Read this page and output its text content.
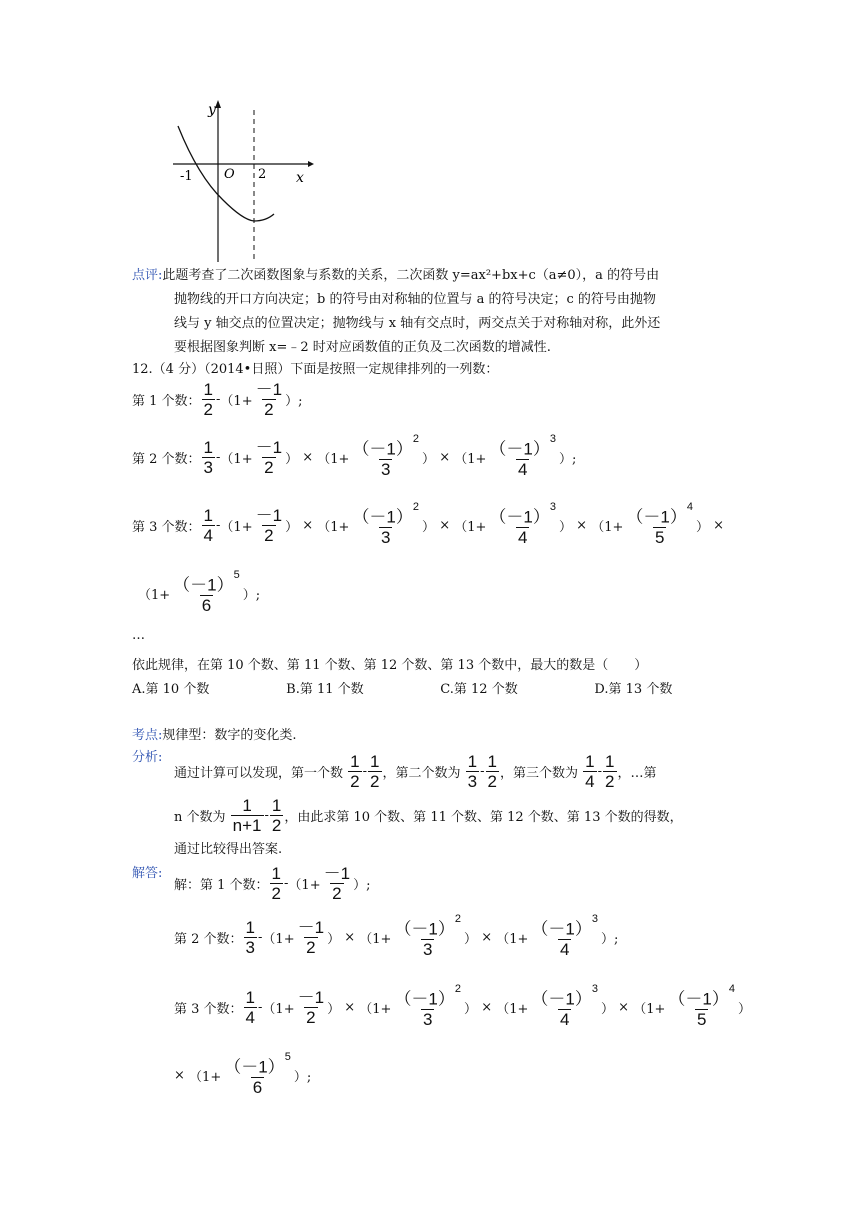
y
x
O
-1	2
点评: 此题考查了二次函数图象与系数的关系，二次函数 y=ax²+bx+c（a≠0），a 的符号由
抛物线的开口方向决定；b 的符号由对称轴的位置与 a 的符号决定；c 的符号由抛物
线与 y 轴交点的位置决定；抛物线与 x 轴有交点时，两交点关于对称轴对称，此外还
要根据图象判断 x=﹣2 时对应函数值的正负及二次函数的增减性.
12.（4 分）（2014•日照）下面是按照一定规律排列的一列数：
第 1 个数： $\frac{1}{2} - (1+ \frac{-1}{2}$ ）;
第 2 个数： $\frac{1}{3} - (1+ \frac{-1}{2}$ ）
×
（$1+ \frac{(-1)^2}{3}$ ）
×
（$1+ \frac{(-1)^3}{4}$ ）;
第 3 个数： $\frac{1}{4} - (1+ \frac{-1}{2}$ ）
×
（$1+ \frac{(-1)^2}{3}$ ）
×
（$1+ \frac{(-1)^3}{4}$ ）
×
（$1+ \frac{(-1)^4}{5}$ ）
×
（$1+ \frac{(-1)^5}{6}$ ）;
…
依此规律，在第 10 个数、第 11 个数、第 12 个数、第 13 个数中，最大的数是（　　）
A.第 10 个数	B.第 11 个数	C.第 12 个数	D.第 13 个数
考点: 规律型：数字的变化类.
分析:
通过计算可以发现，第一个数
$\frac{1}{2} - \frac{1}{2}$ ，第二个数为
$\frac{1}{3} - \frac{1}{2}$ ，第三个数为
$\frac{1}{4} - \frac{1}{2}$ ，…第
n 个数为
$\frac{1}{n+1} - \frac{1}{2}$ ，由此求第 10 个数、第 11 个数、第 12 个数、第 13 个数的得数，
通过比较得出答案.
解答:
解：第 1 个数： $\frac{1}{2} - (1+ \frac{-1}{2}$ ）;
第 2 个数： $\frac{1}{3} - (1+ \frac{-1}{2}$ ）
×
（$1+ \frac{(-1)^2}{3}$ ）
×
（$1+ \frac{(-1)^3}{4}$ ）;
第 3 个数： $\frac{1}{4} - (1+ \frac{-1}{2}$ ）
×
（$1+ \frac{(-1)^2}{3}$ ）
×
（$1+ \frac{(-1)^3}{4}$ ）
×
（$1+ \frac{(-1)^4}{5}$ ）
×
（$1+ \frac{(-1)^5}{6}$ ）;
